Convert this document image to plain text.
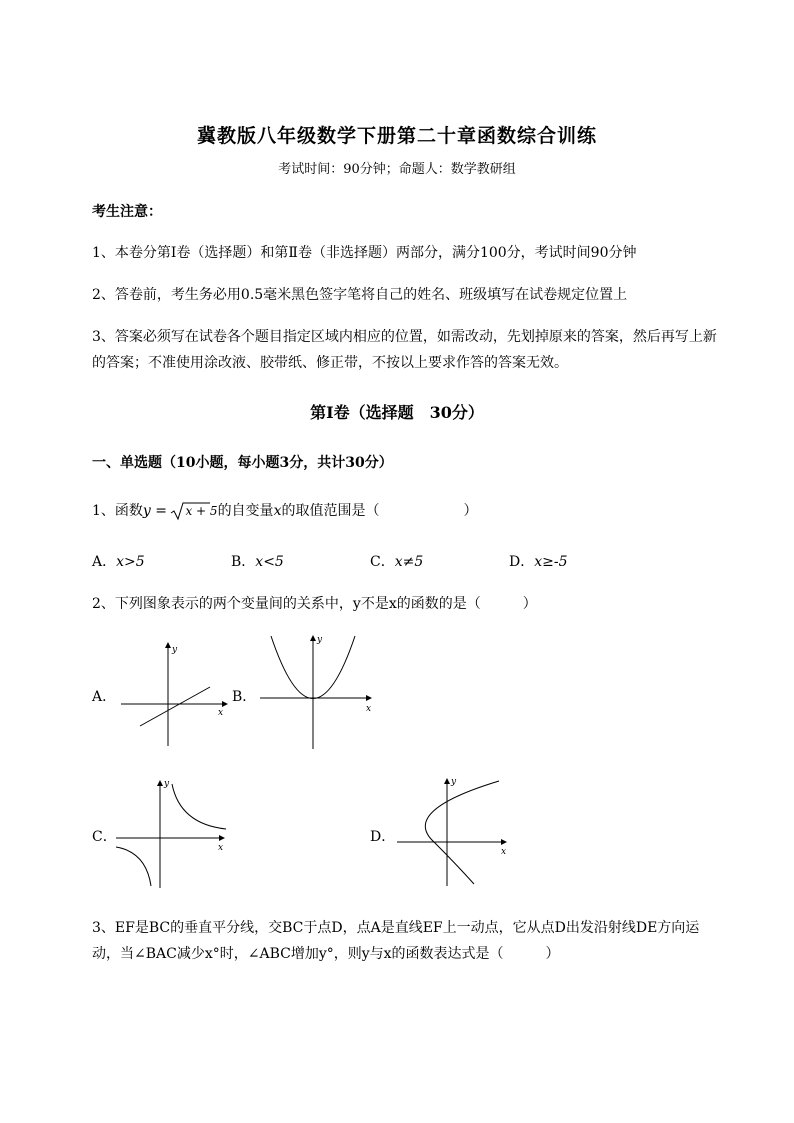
冀教版八年级数学下册第二十章函数综合训练
考试时间：90分钟；命题人：数学教研组
考生注意：
1、本卷分第I卷（选择题）和第Ⅱ卷（非选择题）两部分，满分100分，考试时间90分钟
2、答卷前，考生务必用0.5毫米黑色签字笔将自己的姓名、班级填写在试卷规定位置上
3、答案必须写在试卷各个题目指定区域内相应的位置，如需改动，先划掉原来的答案，然后再写上新
的答案；不准使用涂改液、胶带纸、修正带，不按以上要求作答的答案无效。
第I卷（选择题　30分）
一、单选题（10小题，每小题3分，共计30分）
1、函数y = x + 5的自变量x的取值范围是（　　　　　　）
A．x>5	B．x<5	C．x≠5	D．x≥-5
2、下列图象表示的两个变量间的关系中，y不是x的函数的是（　　　）
A．	B．
C．	D．
x
y
x
y
x
y
x
y
3、EF是BC的垂直平分线，交BC于点D，点A是直线EF上一动点，它从点D出发沿射线DE方向运
动，当∠BAC减少x°时，∠ABC增加y°，则y与x的函数表达式是（　　　）
